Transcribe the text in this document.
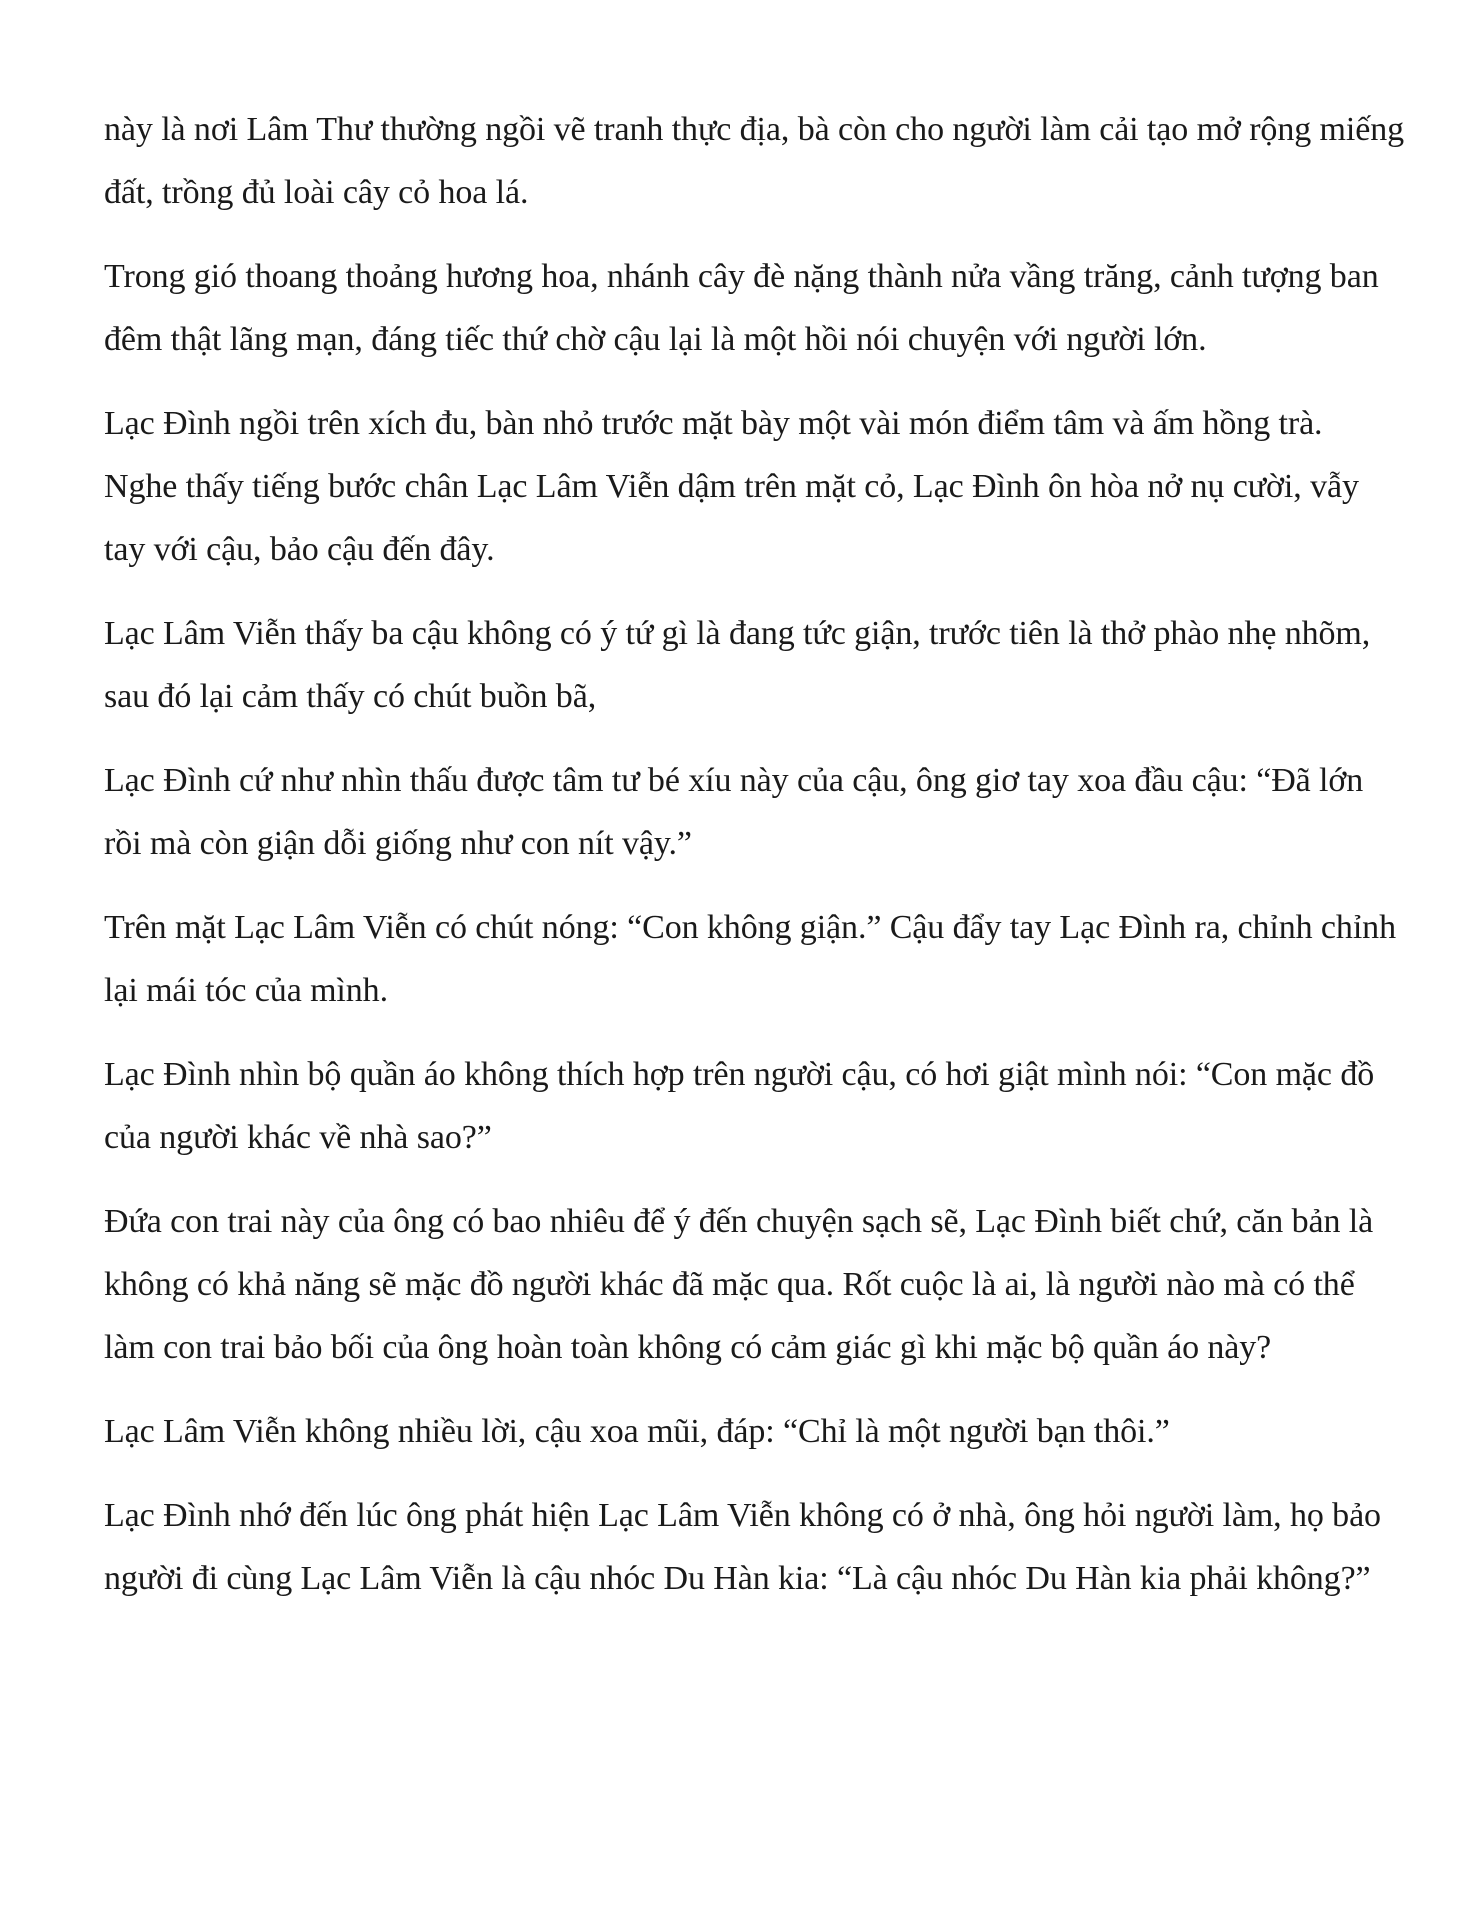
này là nơi Lâm Thư thường ngồi vẽ tranh thực địa, bà còn cho người làm cải tạo mở rộng miếng đất, trồng đủ loài cây cỏ hoa lá.

Trong gió thoang thoảng hương hoa, nhánh cây đè nặng thành nửa vầng trăng, cảnh tượng ban đêm thật lãng mạn, đáng tiếc thứ chờ cậu lại là một hồi nói chuyện với người lớn.

Lạc Đình ngồi trên xích đu, bàn nhỏ trước mặt bày một vài món điểm tâm và ấm hồng trà. Nghe thấy tiếng bước chân Lạc Lâm Viễn dậm trên mặt cỏ, Lạc Đình ôn hòa nở nụ cười, vẫy tay với cậu, bảo cậu đến đây.

Lạc Lâm Viễn thấy ba cậu không có ý tứ gì là đang tức giận, trước tiên là thở phào nhẹ nhõm, sau đó lại cảm thấy có chút buồn bã,

Lạc Đình cứ như nhìn thấu được tâm tư bé xíu này của cậu, ông giơ tay xoa đầu cậu: “Đã lớn rồi mà còn giận dỗi giống như con nít vậy.”

Trên mặt Lạc Lâm Viễn có chút nóng: “Con không giận.” Cậu đẩy tay Lạc Đình ra, chỉnh chỉnh lại mái tóc của mình.

Lạc Đình nhìn bộ quần áo không thích hợp trên người cậu, có hơi giật mình nói: “Con mặc đồ của người khác về nhà sao?”

Đứa con trai này của ông có bao nhiêu để ý đến chuyện sạch sẽ, Lạc Đình biết chứ, căn bản là không có khả năng sẽ mặc đồ người khác đã mặc qua. Rốt cuộc là ai, là người nào mà có thể làm con trai bảo bối của ông hoàn toàn không có cảm giác gì khi mặc bộ quần áo này?

Lạc Lâm Viễn không nhiều lời, cậu xoa mũi, đáp: “Chỉ là một người bạn thôi.”

Lạc Đình nhớ đến lúc ông phát hiện Lạc Lâm Viễn không có ở nhà, ông hỏi người làm, họ bảo người đi cùng Lạc Lâm Viễn là cậu nhóc Du Hàn kia: “Là cậu nhóc Du Hàn kia phải không?”
